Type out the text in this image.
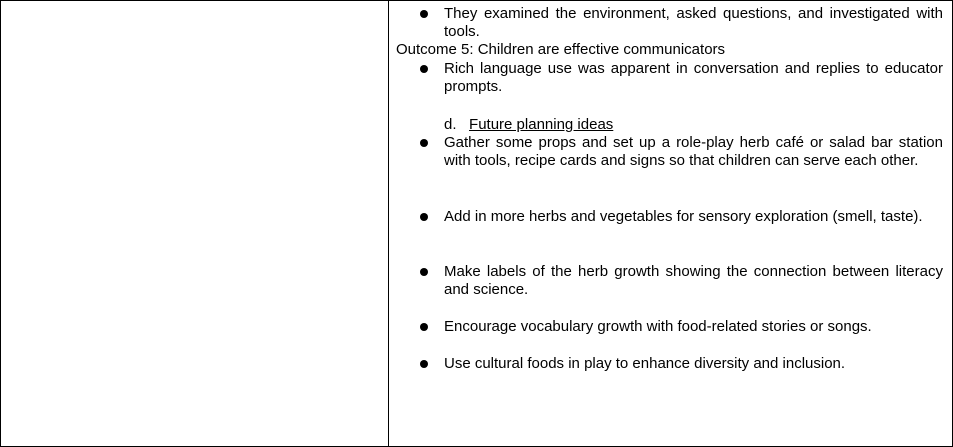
They examined the environment, asked questions, and investigated with tools.
Outcome 5: Children are effective communicators
Rich language use was apparent in conversation and replies to educator prompts.
d. Future planning ideas
Gather some props and set up a role-play herb café or salad bar station with tools, recipe cards and signs so that children can serve each other.
Add in more herbs and vegetables for sensory exploration (smell, taste).
Make labels of the herb growth showing the connection between literacy and science.
Encourage vocabulary growth with food-related stories or songs.
Use cultural foods in play to enhance diversity and inclusion.
